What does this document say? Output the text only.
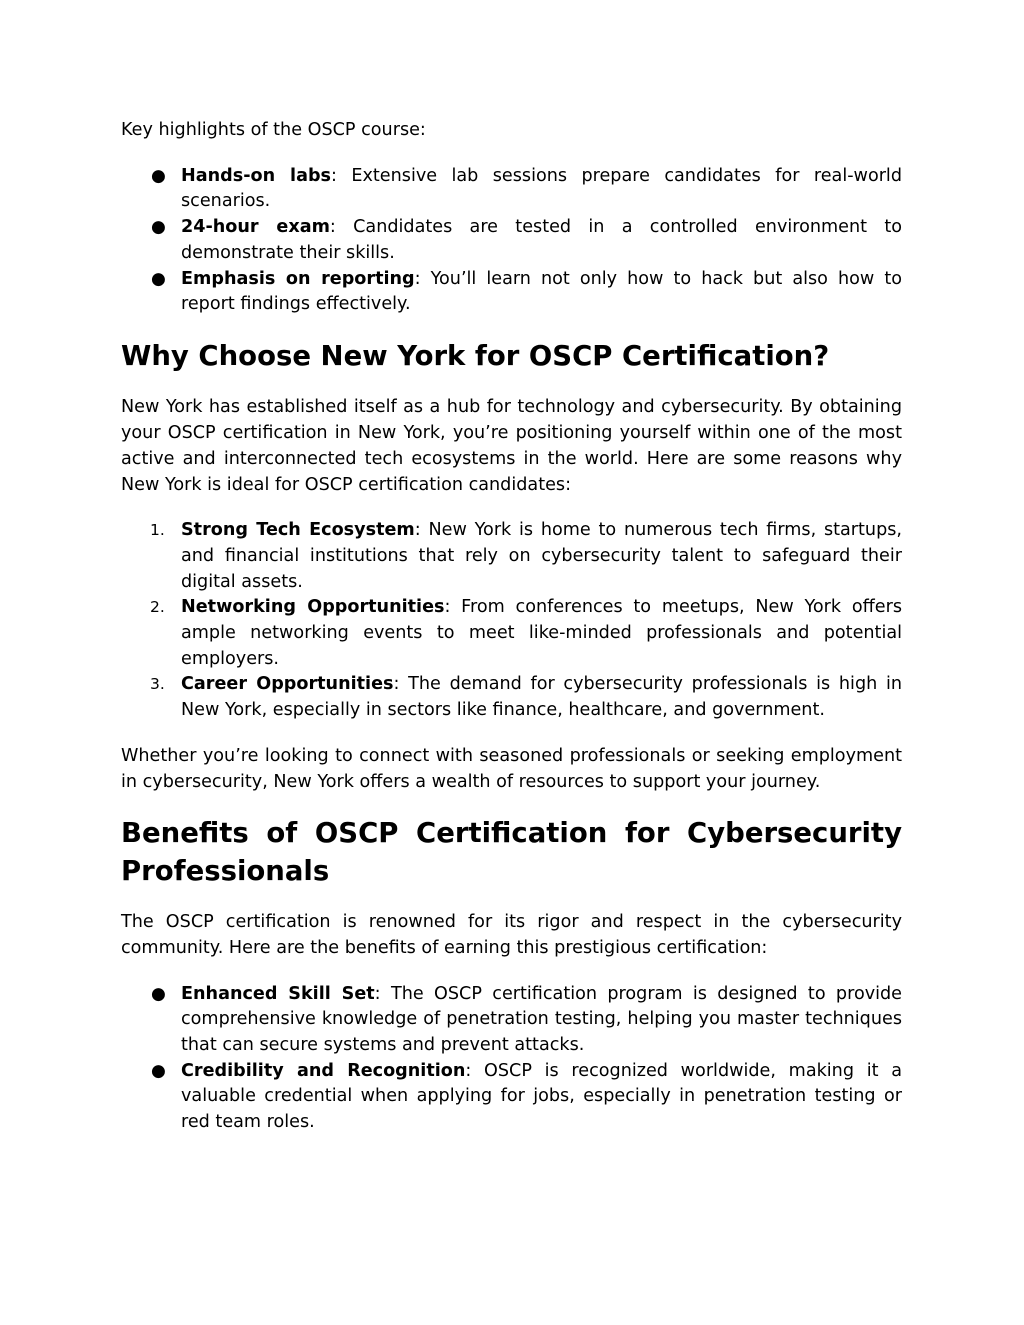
Key highlights of the OSCP course:

● Hands-on labs: Extensive lab sessions prepare candidates for real-world scenarios.
● 24-hour exam: Candidates are tested in a controlled environment to demonstrate their skills.
● Emphasis on reporting: You’ll learn not only how to hack but also how to report findings effectively.
Why Choose New York for OSCP Certification?

New York has established itself as a hub for technology and cybersecurity. By obtaining your OSCP certification in New York, you’re positioning yourself within one of the most active and interconnected tech ecosystems in the world. Here are some reasons why New York is ideal for OSCP certification candidates:

1. Strong Tech Ecosystem: New York is home to numerous tech firms, startups, and financial institutions that rely on cybersecurity talent to safeguard their digital assets.
2. Networking Opportunities: From conferences to meetups, New York offers ample networking events to meet like-minded professionals and potential employers.
3. Career Opportunities: The demand for cybersecurity professionals is high in New York, especially in sectors like finance, healthcare, and government.

Whether you’re looking to connect with seasoned professionals or seeking employment in cybersecurity, New York offers a wealth of resources to support your journey.

Benefits of OSCP Certification for Cybersecurity Professionals

The OSCP certification is renowned for its rigor and respect in the cybersecurity community. Here are the benefits of earning this prestigious certification:

● Enhanced Skill Set: The OSCP certification program is designed to provide comprehensive knowledge of penetration testing, helping you master techniques that can secure systems and prevent attacks.
● Credibility and Recognition: OSCP is recognized worldwide, making it a valuable credential when applying for jobs, especially in penetration testing or red team roles.
